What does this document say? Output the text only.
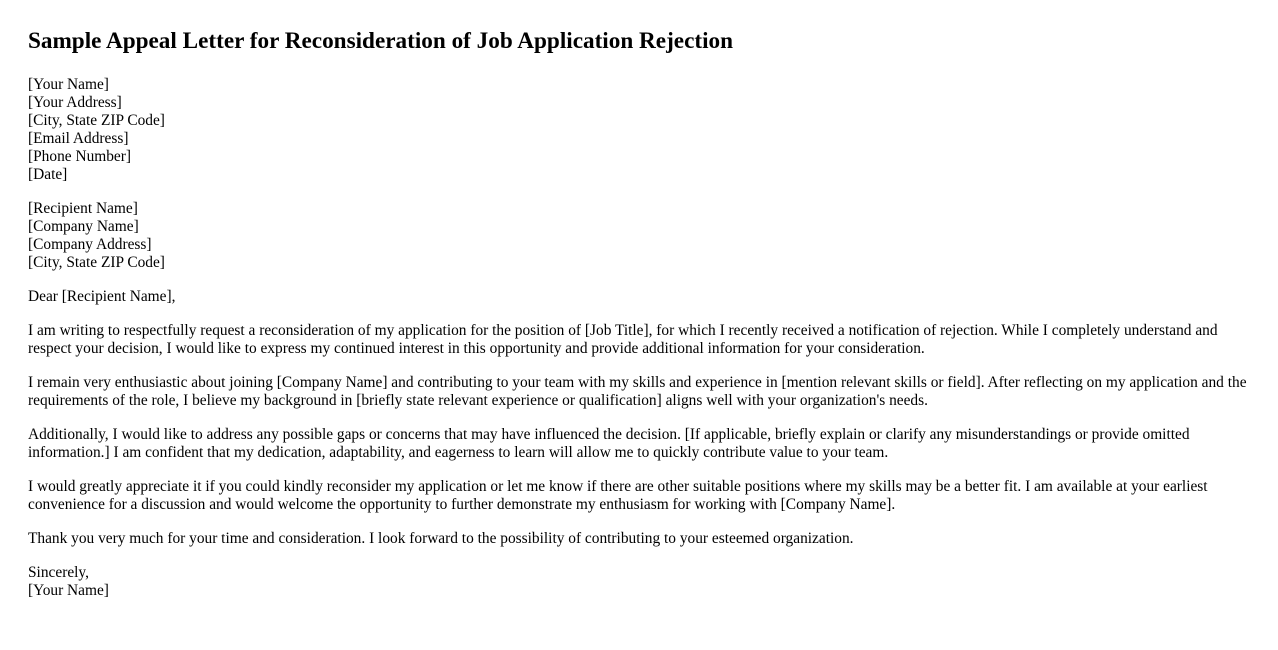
Sample Appeal Letter for Reconsideration of Job Application Rejection
[Your Name]
[Your Address]
[City, State ZIP Code]
[Email Address]
[Phone Number]
[Date]
[Recipient Name]
[Company Name]
[Company Address]
[City, State ZIP Code]

Dear [Recipient Name],

I am writing to respectfully request a reconsideration of my application for the position of [Job Title], for which I recently received a notification of rejection. While I completely understand and respect your decision, I would like to express my continued interest in this opportunity and provide additional information for your consideration.

I remain very enthusiastic about joining [Company Name] and contributing to your team with my skills and experience in [mention relevant skills or field]. After reflecting on my application and the requirements of the role, I believe my background in [briefly state relevant experience or qualification] aligns well with your organization's needs.

Additionally, I would like to address any possible gaps or concerns that may have influenced the decision. [If applicable, briefly explain or clarify any misunderstandings or provide omitted information.] I am confident that my dedication, adaptability, and eagerness to learn will allow me to quickly contribute value to your team.

I would greatly appreciate it if you could kindly reconsider my application or let me know if there are other suitable positions where my skills may be a better fit. I am available at your earliest convenience for a discussion and would welcome the opportunity to further demonstrate my enthusiasm for working with [Company Name].

Thank you very much for your time and consideration. I look forward to the possibility of contributing to your esteemed organization.

Sincerely,
[Your Name]
